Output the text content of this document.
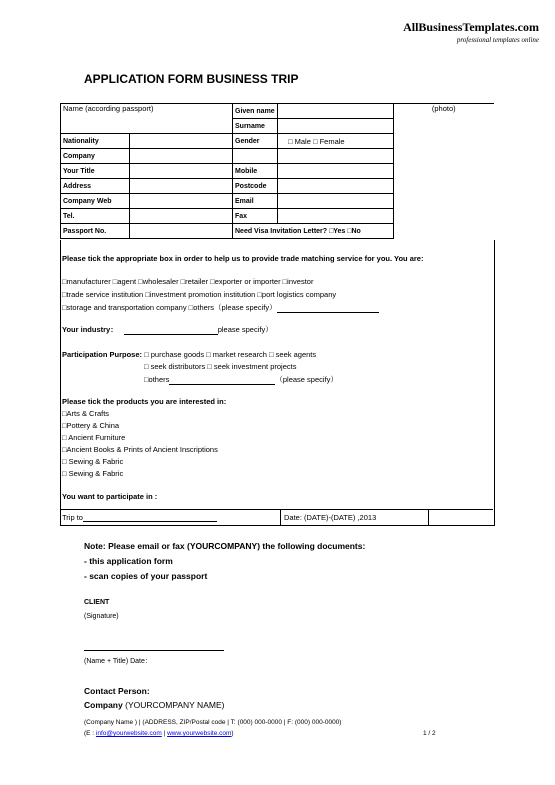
AllBusinessTemplates.com
professional templates online
APPLICATION FORM BUSINESS TRIP
Name (according passport)		Given name		(photo)
		Surname		
Nationality		Gender	□ Male □ Female	
Company				
Your Title		Mobile		
Address		Postcode		
Company Web		Email		
Tel.		Fax		
Passport No.		Need Visa Invitation Letter? □Yes □No		
Please tick the appropriate box in order to help us to provide trade matching service for you. You are:
□manufacturer □agent □wholesaler □retailer □exporter or importer □investor
□trade service institution □investment promotion institution □port logistics company
□storage and transportation company □others（please specify）
Your industry：	please specify）
Participation Purpose: □ purchase goods □ market research □ seek agents
□ seek distributors □ seek investment projects
□others	（please specify）
Please tick the products you are interested in:
□Arts & Crafts
□Pottery & China
□ Ancient Furniture
□Ancient Books & Prints of Ancient Inscriptions
□ Sewing & Fabric
□ Sewing & Fabric
You want to participate in :
Trip to	Date: (DATE)-(DATE) ,2013
Note: Please email or fax (YOURCOMPANY) the following documents:
- this application form
- scan copies of your passport
CLIENT
(Signature)
(Name + Title) Date：
Contact Person:
Company (YOURCOMPANY NAME)
(Company Name ) | (ADDRESS, ZIP/Postal code | T: (000) 000-0000 | F: (000) 000-0000)
(E : info@yourwebsite.com | www.yourwebsite.com)	1 / 2
